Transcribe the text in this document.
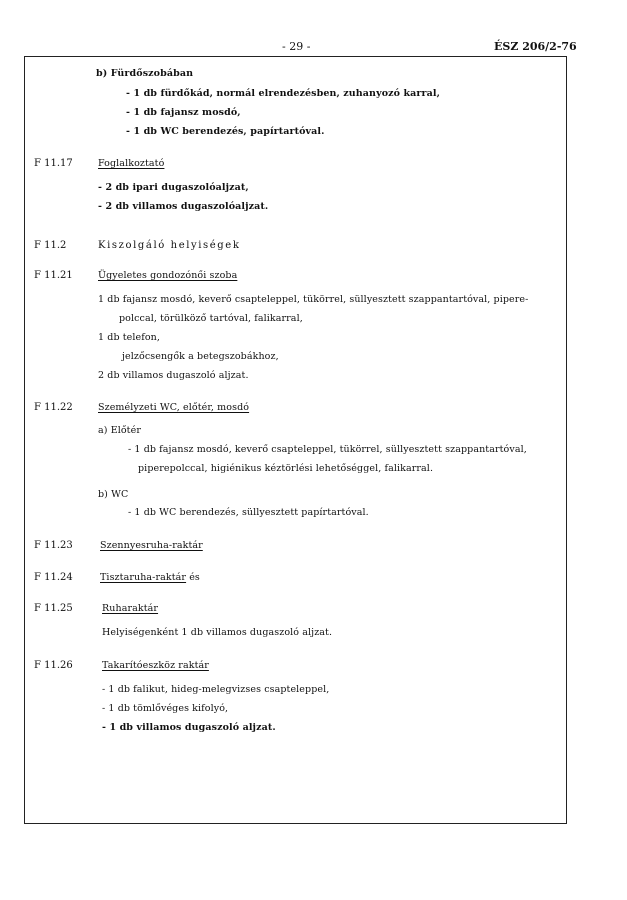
- 29 -	ÉSZ 206/2-76
b) Fürdőszobában
- 1 db fürdőkád, normál elrendezésben, zuhanyozó karral,
- 1 db fajansz mosdó,
- 1 db WC berendezés, papírtartóval.
F 11.17	Foglalkoztató
- 2 db ipari dugaszolóaljzat,
- 2 db villamos dugaszolóaljzat.
F 11.2	Kiszolgáló helyiségek
F 11.21	Ügyeletes gondozónői szoba
1 db fajansz mosdó, keverő csapteleppel, tükörrel, süllyesztett szappantartóval, pipere-
polccal, törülköző tartóval, falikarral,
1 db telefon,
jelzőcsengők a betegszobákhoz,
2 db villamos dugaszoló aljzat.
F 11.22	Személyzeti WC, előtér, mosdó
a) Előtér
- 1 db fajansz mosdó, keverő csapteleppel, tükörrel, süllyesztett szappantartóval,
piperepolccal, higiénikus kéztörlési lehetőséggel, falikarral.
b) WC
- 1 db WC berendezés, süllyesztett papírtartóval.
F 11.23	Szennyesruha-raktár
F 11.24	Tisztaruha-raktár és
F 11.25	Ruharaktár
Helyiségenként 1 db villamos dugaszoló aljzat.
F 11.26	Takarítóeszköz raktár
- 1 db falikut, hideg-melegvizses csapteleppel,
- 1 db tömlővéges kifolyó,
- 1 db villamos dugaszoló aljzat.
